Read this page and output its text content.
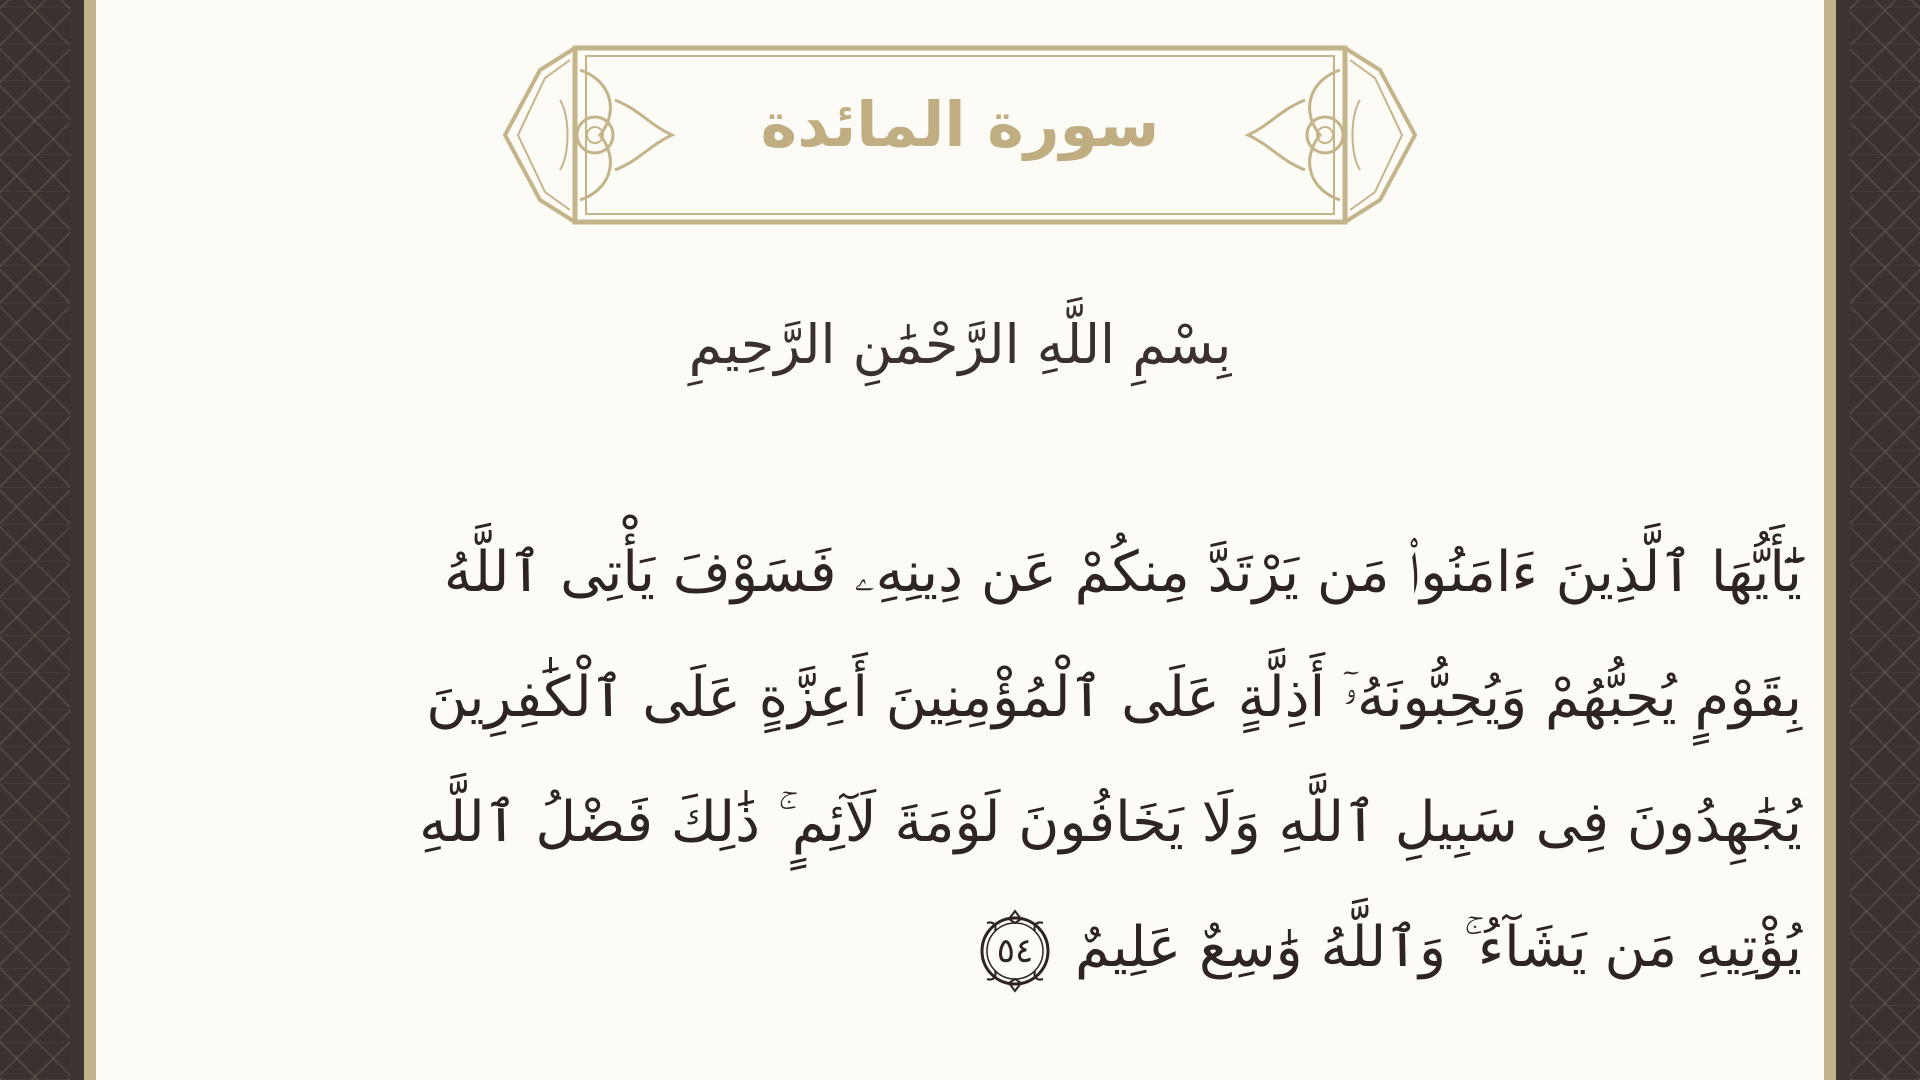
سورة المائدة
بِسْمِ اللَّهِ الرَّحْمَٰنِ الرَّحِيمِ
يَٰٓأَيُّهَا ٱلَّذِينَ ءَامَنُوا۟ مَن يَرْتَدَّ مِنكُمْ عَن دِينِهِۦ فَسَوْفَ يَأْتِى ٱللَّهُ
بِقَوْمٍ يُحِبُّهُمْ وَيُحِبُّونَهُۥٓ أَذِلَّةٍ عَلَى ٱلْمُؤْمِنِينَ أَعِزَّةٍ عَلَى ٱلْكَٰفِرِينَ
يُجَٰهِدُونَ فِى سَبِيلِ ٱللَّهِ وَلَا يَخَافُونَ لَوْمَةَ لَآئِمٍ ۚ ذَٰلِكَ فَضْلُ ٱللَّهِ
يُؤْتِيهِ مَن يَشَآءُ ۚ وَٱللَّهُ وَٰسِعٌ عَلِيمٌ
٥٤
